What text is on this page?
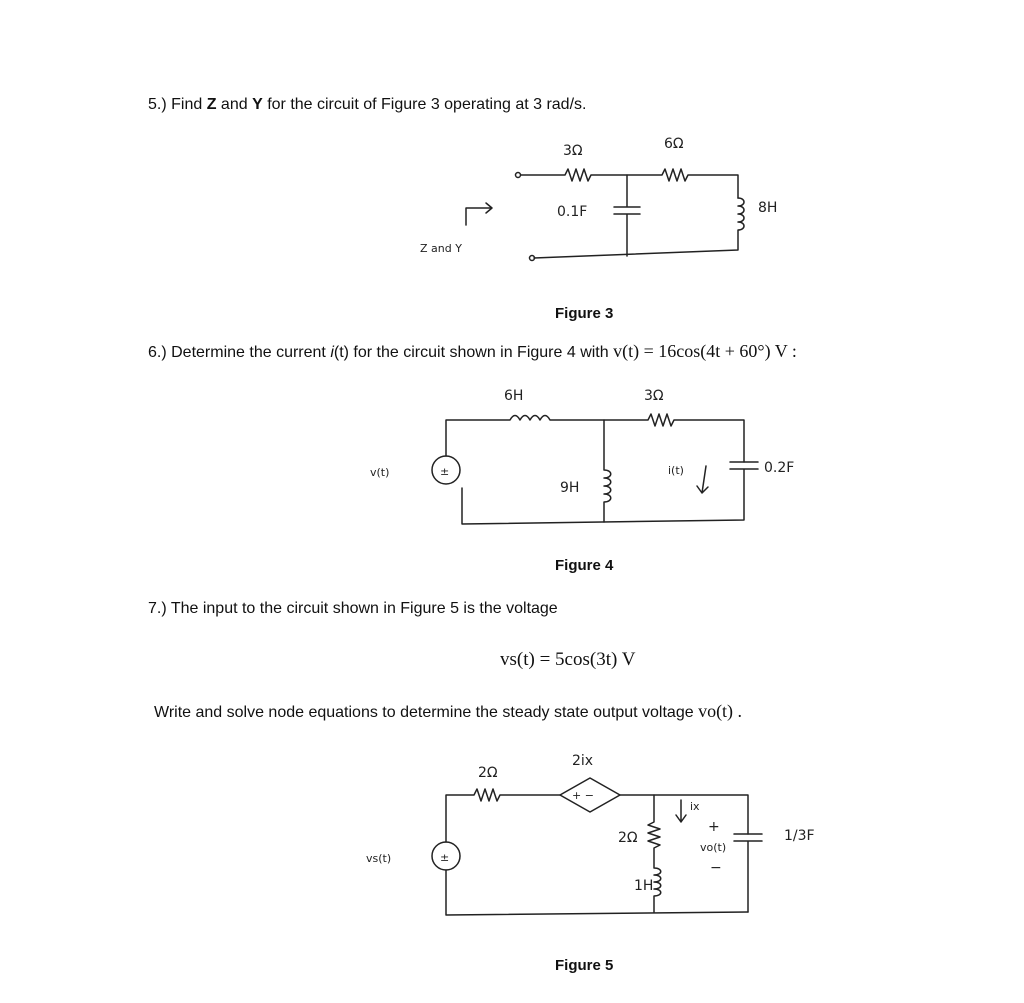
5.) Find Z and Y for the circuit of Figure 3 operating at 3 rad/s.
3Ω	6Ω
0.1F	8H
Z and Y
Figure 3
6.) Determine the current i(t) for the circuit shown in Figure 4 with v(t) = 16cos(4t + 60°) V :
±
6H	3Ω
9H
i(t)	0.2F
v(t)
Figure 4
7.) The input to the circuit shown in Figure 5 is the voltage
vs(t) = 5cos(3t) V
Write and solve node equations to determine the steady state output voltage vo(t) .
+ −
±
2Ω
2ix
ix
2Ω
1H
+
vo(t)
−
1/3F
vs(t)
Figure 5
